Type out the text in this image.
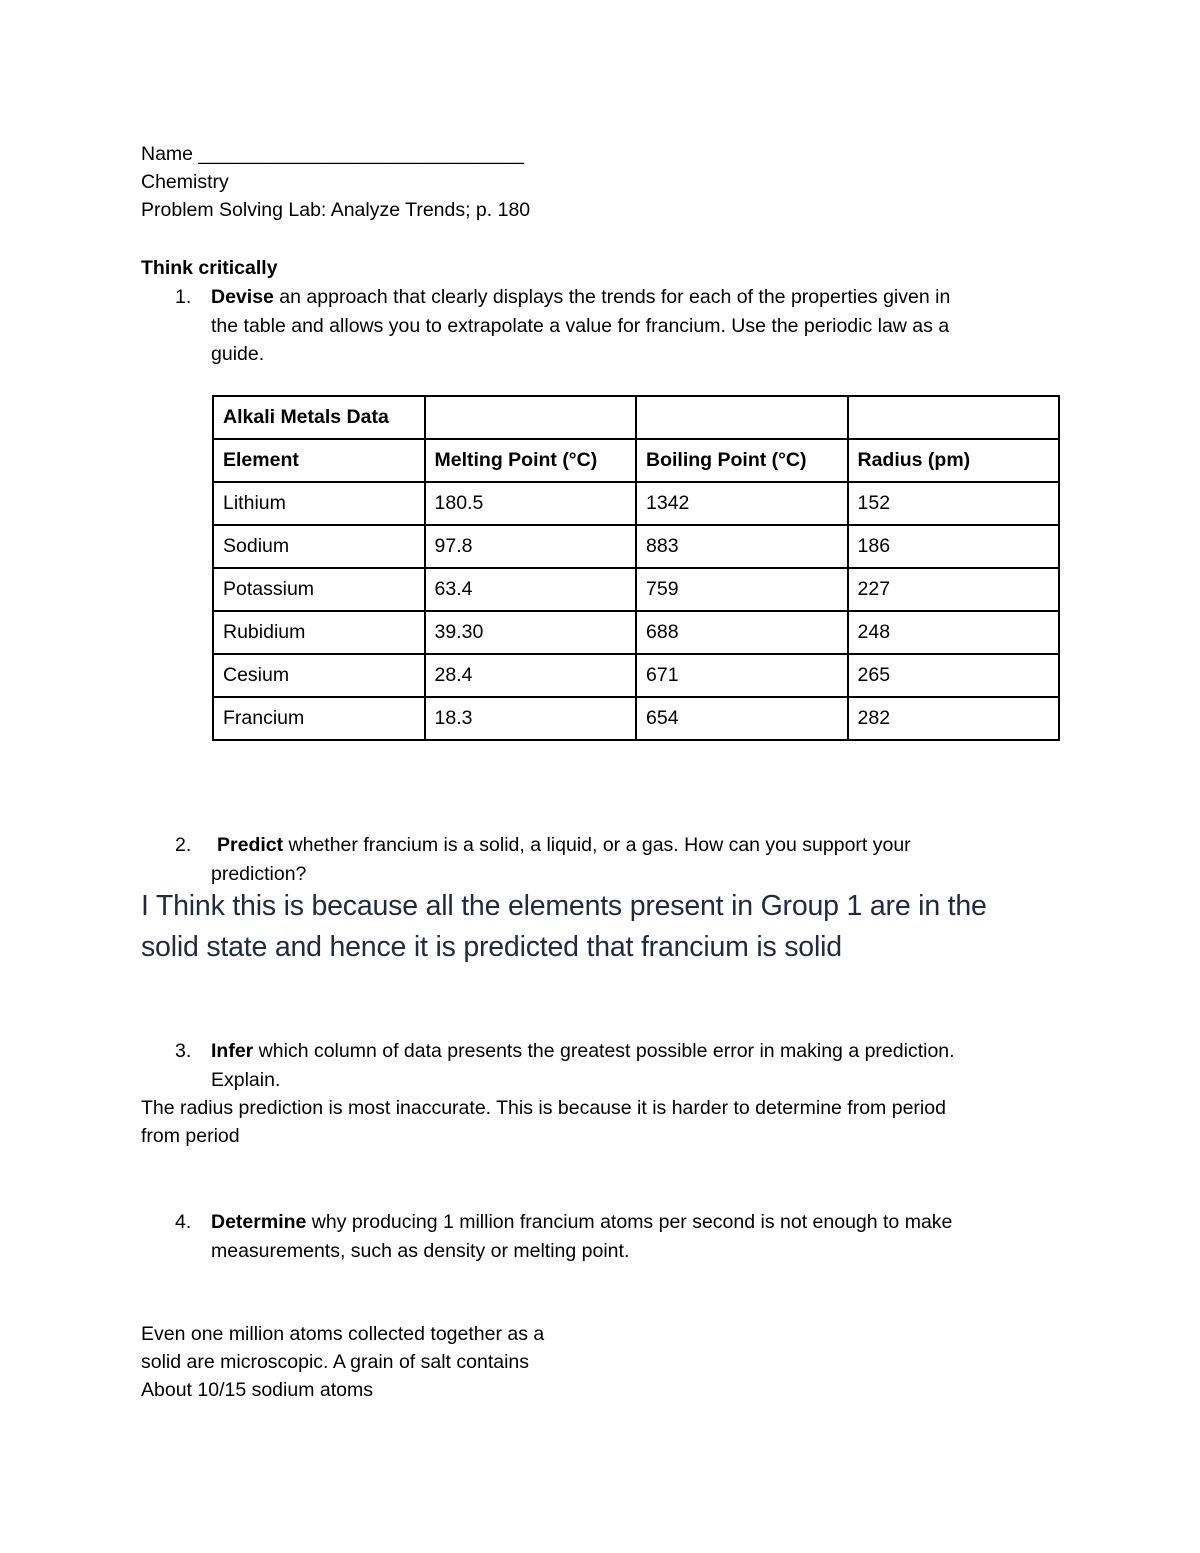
Name ______________________________
Chemistry
Problem Solving Lab: Analyze Trends; p. 180
Think critically
1. Devise an approach that clearly displays the trends for each of the properties given in
the table and allows you to extrapolate a value for francium. Use the periodic law as a
guide.
Alkali Metals Data			
Element	Melting Point (°C)	Boiling Point (°C)	Radius (pm)
Lithium	180.5	1342	152
Sodium	97.8	883	186
Potassium	63.4	759	227
Rubidium	39.30	688	248
Cesium	28.4	671	265
Francium	18.3	654	282
2. Predict whether francium is a solid, a liquid, or a gas. How can you support your
prediction?
I Think this is because all the elements present in Group 1 are in the
solid state and hence it is predicted that francium is solid
3. Infer which column of data presents the greatest possible error in making a prediction.
Explain.
The radius prediction is most inaccurate. This is because it is harder to determine from period
from period
4. Determine why producing 1 million francium atoms per second is not enough to make
measurements, such as density or melting point.
Even one million atoms collected together as a
solid are microscopic. A grain of salt contains
About 10/15 sodium atoms
